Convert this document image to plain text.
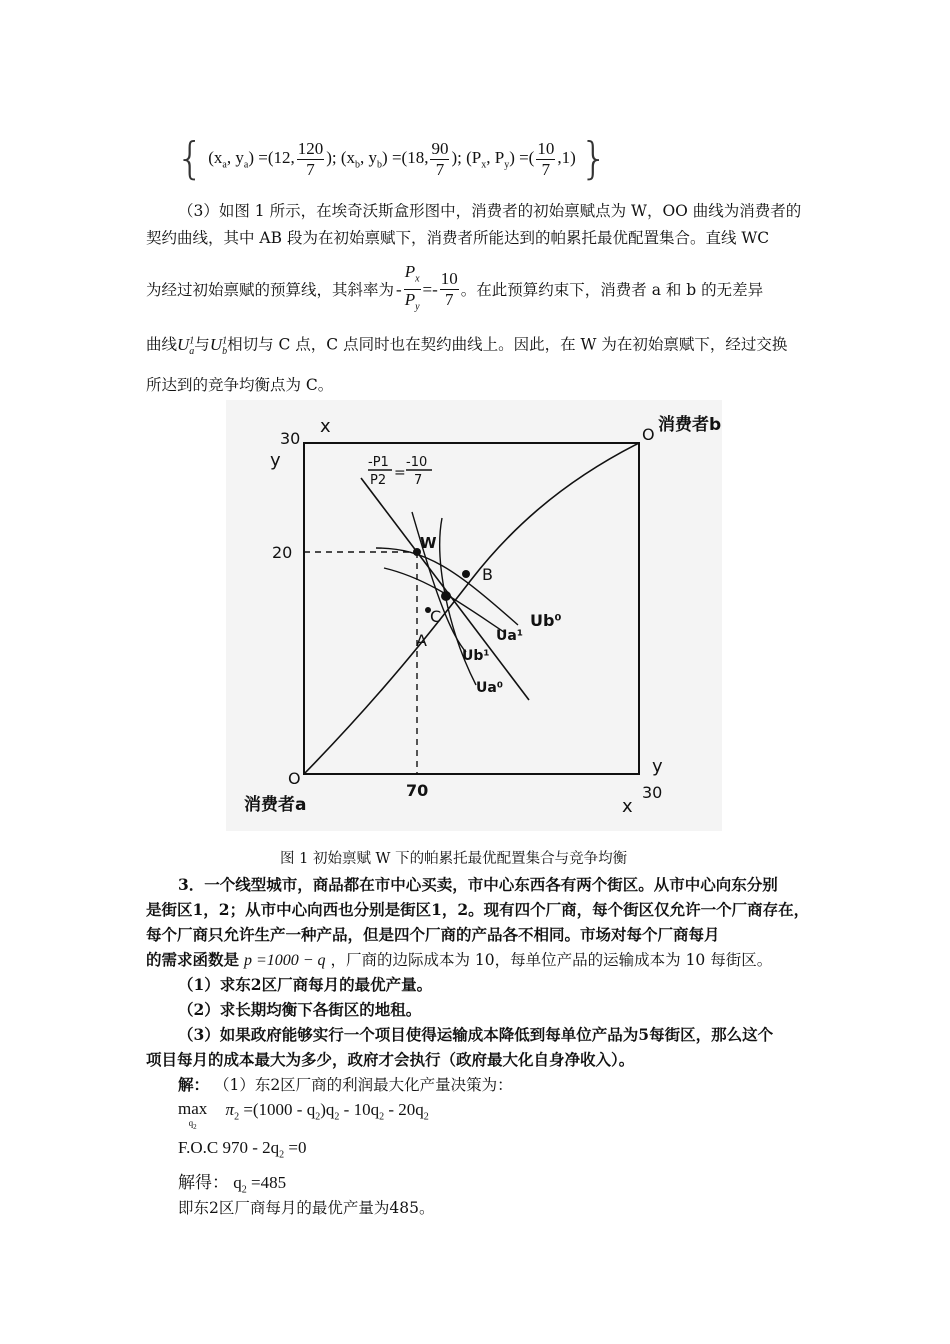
{ ($x_a$, $y_a) =(12$, $\frac{120}{7}$ ); ($x_b$, $y_b) =(18$, $\frac{90}{7}$ ); ($P_x$, $P_y$) =( $\frac{10}{7} ,1$) }
（3）如图 1 所示，在埃奇沃斯盒形图中，消费者的初始禀赋点为 W，OO 曲线为消费者的
契约曲线，其中 AB 段为在初始禀赋下，消费者所能达到的帕累托最优配置集合。直线 WC
为经过初始禀赋的预算线，其斜率为 - $\frac{P_x}{P_y} =- \frac{10}{7}$ 。在此预算约束下，消费者 a 和 b 的无差异
曲线$U^1_a$与$U^1_b$相切与 C 点，C 点同时也在契约曲线上。因此，在 W 为在初始禀赋下，经过交换
所达到的竞争均衡点为 C。
30
x
y
20
70
O
消费者a
O 消费者b
y
x
30
W
B
C
A
-P1
P2 =
-10
7
Ua¹
Ub⁰
Ub¹
Ua⁰
图 1 初始禀赋 W 下的帕累托最优配置集合与竞争均衡
3．一个线型城市，商品都在市中心买卖，市中心东西各有两个街区。从市中心向东分别
是街区1，2；从市中心向西也分别是街区1，2。现有四个厂商，每个街区仅允许一个厂商存在，
每个厂商只允许生产一种产品，但是四个厂商的产品各不相同。市场对每个厂商每月
的需求函数是 p =1000 − q ，厂商的边际成本为 10，每单位产品的运输成本为 10 每街区。
（1）求东2区厂商每月的最优产量。
（2）求长期均衡下各街区的地租。
（3）如果政府能够实行一个项目使得运输成本降低到每单位产品为5每街区，那么这个
项目每月的成本最大为多少，政府才会执行（政府最大化自身净收入）。
解： （1）东2区厂商的利润最大化产量决策为：
max
$q_2$
$\pi_2 =(1000 - q_2)q_2 - 10q_2 - 20q_2$
F.O.C $970 - 2q_2 =0$
解得： $q_2 =485$
即东2区厂商每月的最优产量为485。
